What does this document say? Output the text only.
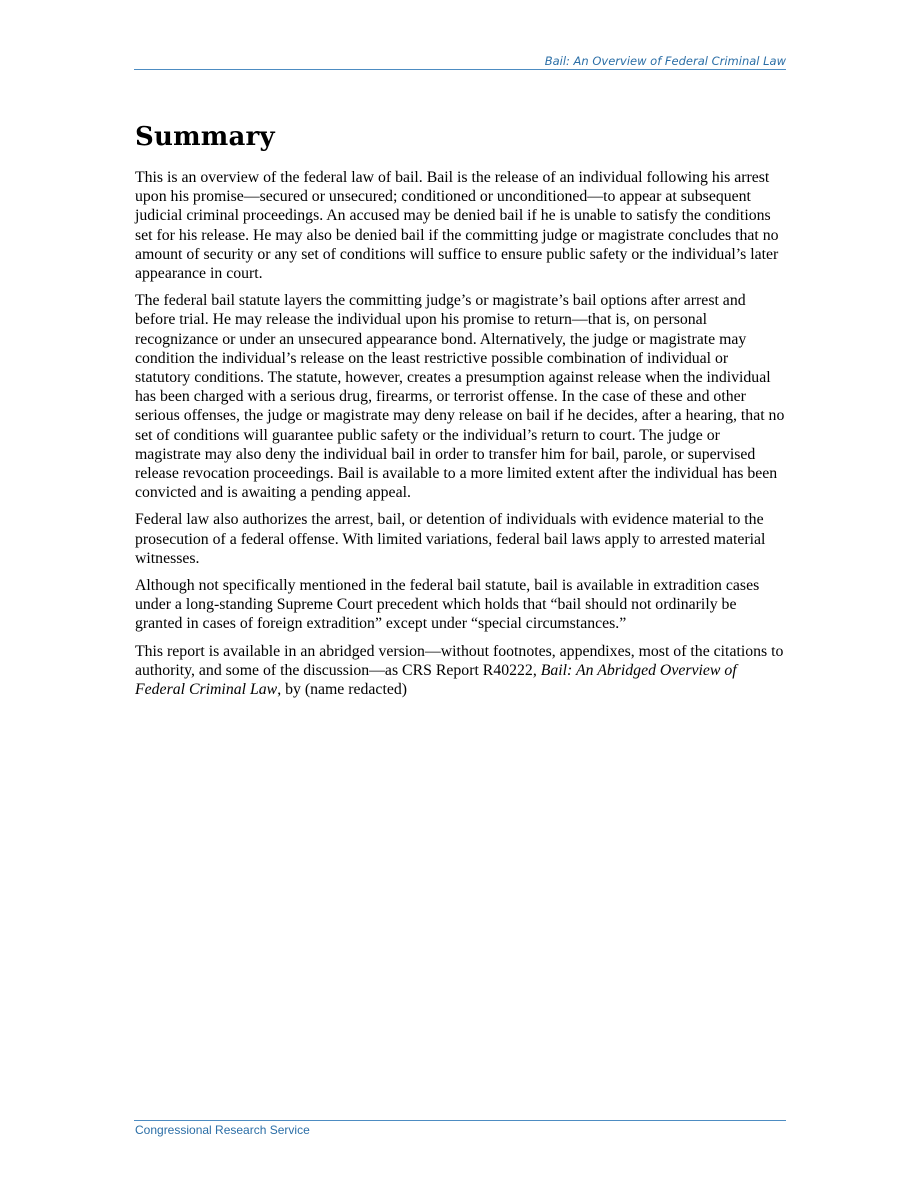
Bail: An Overview of Federal Criminal Law
Summary

This is an overview of the federal law of bail. Bail is the release of an individual following his arrest upon his promise—secured or unsecured; conditioned or unconditioned—to appear at subsequent judicial criminal proceedings. An accused may be denied bail if he is unable to satisfy the conditions set for his release. He may also be denied bail if the committing judge or magistrate concludes that no amount of security or any set of conditions will suffice to ensure public safety or the individual’s later appearance in court.

The federal bail statute layers the committing judge’s or magistrate’s bail options after arrest and before trial. He may release the individual upon his promise to return—that is, on personal recognizance or under an unsecured appearance bond. Alternatively, the judge or magistrate may condition the individual’s release on the least restrictive possible combination of individual or statutory conditions. The statute, however, creates a presumption against release when the individual has been charged with a serious drug, firearms, or terrorist offense. In the case of these and other serious offenses, the judge or magistrate may deny release on bail if he decides, after a hearing, that no set of conditions will guarantee public safety or the individual’s return to court. The judge or magistrate may also deny the individual bail in order to transfer him for bail, parole, or supervised release revocation proceedings. Bail is available to a more limited extent after the individual has been convicted and is awaiting a pending appeal.

Federal law also authorizes the arrest, bail, or detention of individuals with evidence material to the prosecution of a federal offense. With limited variations, federal bail laws apply to arrested material witnesses.

Although not specifically mentioned in the federal bail statute, bail is available in extradition cases under a long-standing Supreme Court precedent which holds that “bail should not ordinarily be granted in cases of foreign extradition” except under “special circumstances.”

This report is available in an abridged version—without footnotes, appendixes, most of the citations to authority, and some of the discussion—as CRS Report R40222, Bail: An Abridged Overview of Federal Criminal Law, by (name redacted)

Congressional Research Service
